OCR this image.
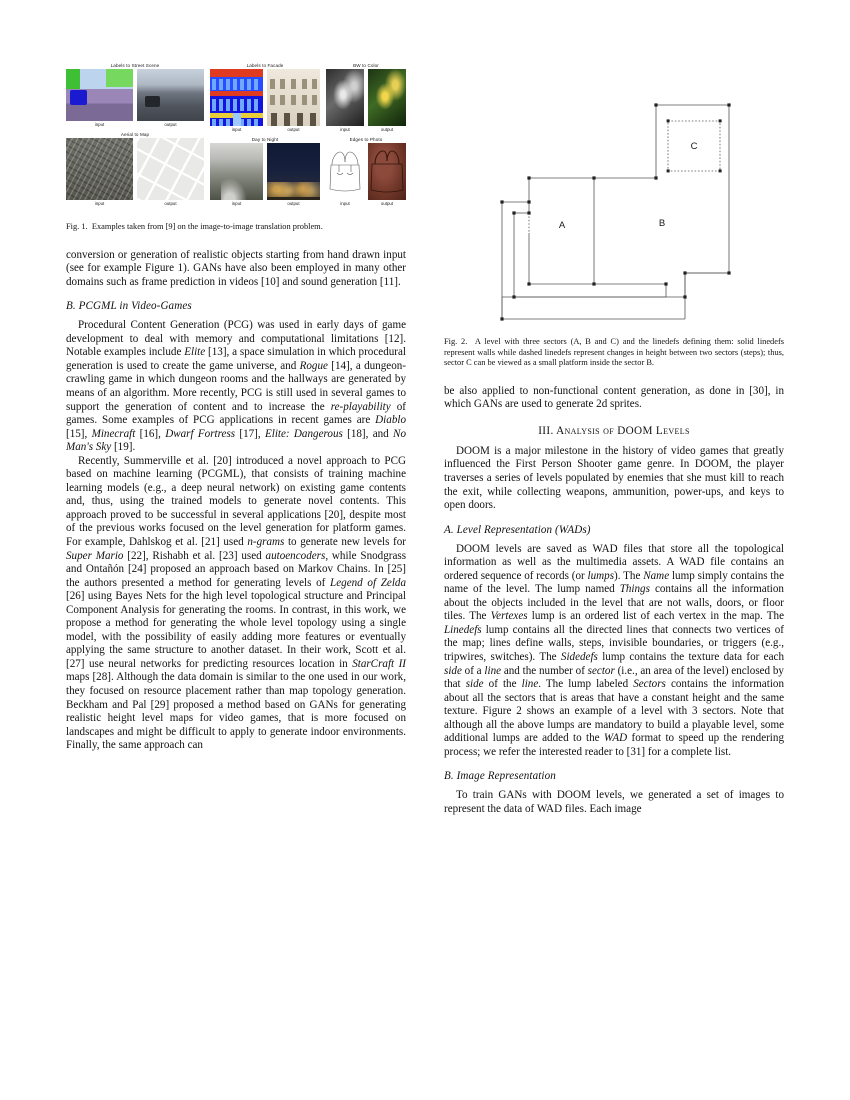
Labels to Street Scene
input	output
Aerial to Map
input	output
Labels to Facade
input	output
Day to Night
input	output
BW to Color
input	output
Edges to Photo
input	output

Fig. 1. Examples taken from [9] on the image-to-image translation problem.

conversion or generation of realistic objects starting from hand drawn input (see for example Figure 1). GANs have also been employed in many other domains such as frame prediction in videos [10] and sound generation [11].

B. PCGML in Video-Games

Procedural Content Generation (PCG) was used in early days of game development to deal with memory and computational limitations [12]. Notable examples include Elite [13], a space simulation in which procedural generation is used to create the game universe, and Rogue [14], a dungeon-crawling game in which dungeon rooms and the hallways are generated by means of an algorithm. More recently, PCG is still used in several games to support the generation of content and to increase the re-playability of games. Some examples of PCG applications in recent games are Diablo [15], Minecraft [16], Dwarf Fortress [17], Elite: Dangerous [18], and No Man's Sky [19].

Recently, Summerville et al. [20] introduced a novel approach to PCG based on machine learning (PCGML), that consists of training machine learning models (e.g., a deep neural network) on existing game contents and, thus, using the trained models to generate novel contents. This approach proved to be successful in several applications [20], despite most of the previous works focused on the level generation for platform games. For example, Dahlskog et al. [21] used n-grams to generate new levels for Super Mario [22], Rishabh et al. [23] used autoencoders, while Snodgrass and Ontañón [24] proposed an approach based on Markov Chains. In [25] the authors presented a method for generating levels of Legend of Zelda [26] using Bayes Nets for the high level topological structure and Principal Component Analysis for generating the rooms. In contrast, in this work, we propose a method for generating the whole level topology using a single model, with the possibility of easily adding more features or eventually applying the same structure to another dataset. In their work, Scott et al. [27] use neural networks for predicting resources location in StarCraft II maps [28]. Although the data domain is similar to the one used in our work, they focused on resource placement rather than map topology generation. Beckham and Pal [29] proposed a method based on GANs for generating realistic height level maps for video games, that is more focused on landscapes and might be difficult to apply to generate indoor environments. Finally, the same approach can

A	B
C

Fig. 2. A level with three sectors (A, B and C) and the linedefs defining them: solid linedefs represent walls while dashed linedefs represent changes in height between two sectors (steps); thus, sector C can be viewed as a small platform inside the sector B.

be also applied to non-functional content generation, as done in [30], in which GANs are used to generate 2d sprites.

III. Analysis of DOOM Levels

DOOM is a major milestone in the history of video games that greatly influenced the First Person Shooter game genre. In DOOM, the player traverses a series of levels populated by enemies that she must kill to reach the exit, while collecting weapons, ammunition, power-ups, and keys to open doors.

A. Level Representation (WADs)

DOOM levels are saved as WAD files that store all the topological information as well as the multimedia assets. A WAD file contains an ordered sequence of records (or lumps). The Name lump simply contains the name of the level. The lump named Things contains all the information about the objects included in the level that are not walls, doors, or floor tiles. The Vertexes lump is an ordered list of each vertex in the map. The Linedefs lump contains all the directed lines that connects two vertices of the map; lines define walls, steps, invisible boundaries, or triggers (e.g., tripwires, switches). The Sidedefs lump contains the texture data for each side of a line and the number of sector (i.e., an area of the level) enclosed by that side of the line. The lump labeled Sectors contains the information about all the sectors that is areas that have a constant height and the same texture. Figure 2 shows an example of a level with 3 sectors. Note that although all the above lumps are mandatory to build a playable level, some additional lumps are added to the WAD format to speed up the rendering process; we refer the interested reader to [31] for a complete list.

B. Image Representation

To train GANs with DOOM levels, we generated a set of images to represent the data of WAD files. Each image
